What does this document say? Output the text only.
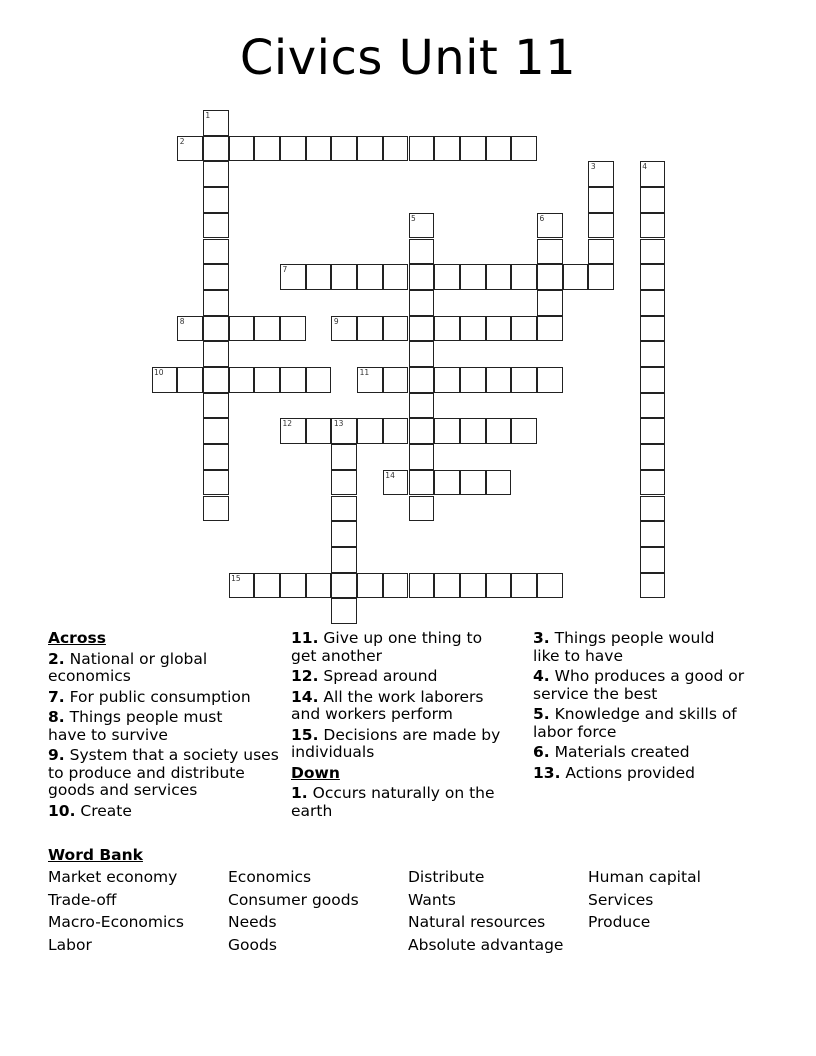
Civics Unit 11
1
2
3	4
5	6
7
8	9
10	11
12	13
14
15
Across
2. National or global economics
7. For public consumption
8. Things people must have to survive
9. System that a society uses to produce and distribute goods and services
10. Create
11. Give up one thing to get another
12. Spread around
14. All the work laborers and workers perform
15. Decisions are made by individuals
Down
1. Occurs naturally on the earth
3. Things people would like to have
4. Who produces a good or service the best
5. Knowledge and skills of labor force
6. Materials created
13. Actions provided
Word Bank
Market economy
Trade-off
Macro-Economics
Labor
Economics
Consumer goods
Needs
Goods
Distribute
Wants
Natural resources
Absolute advantage
Human capital
Services
Produce
